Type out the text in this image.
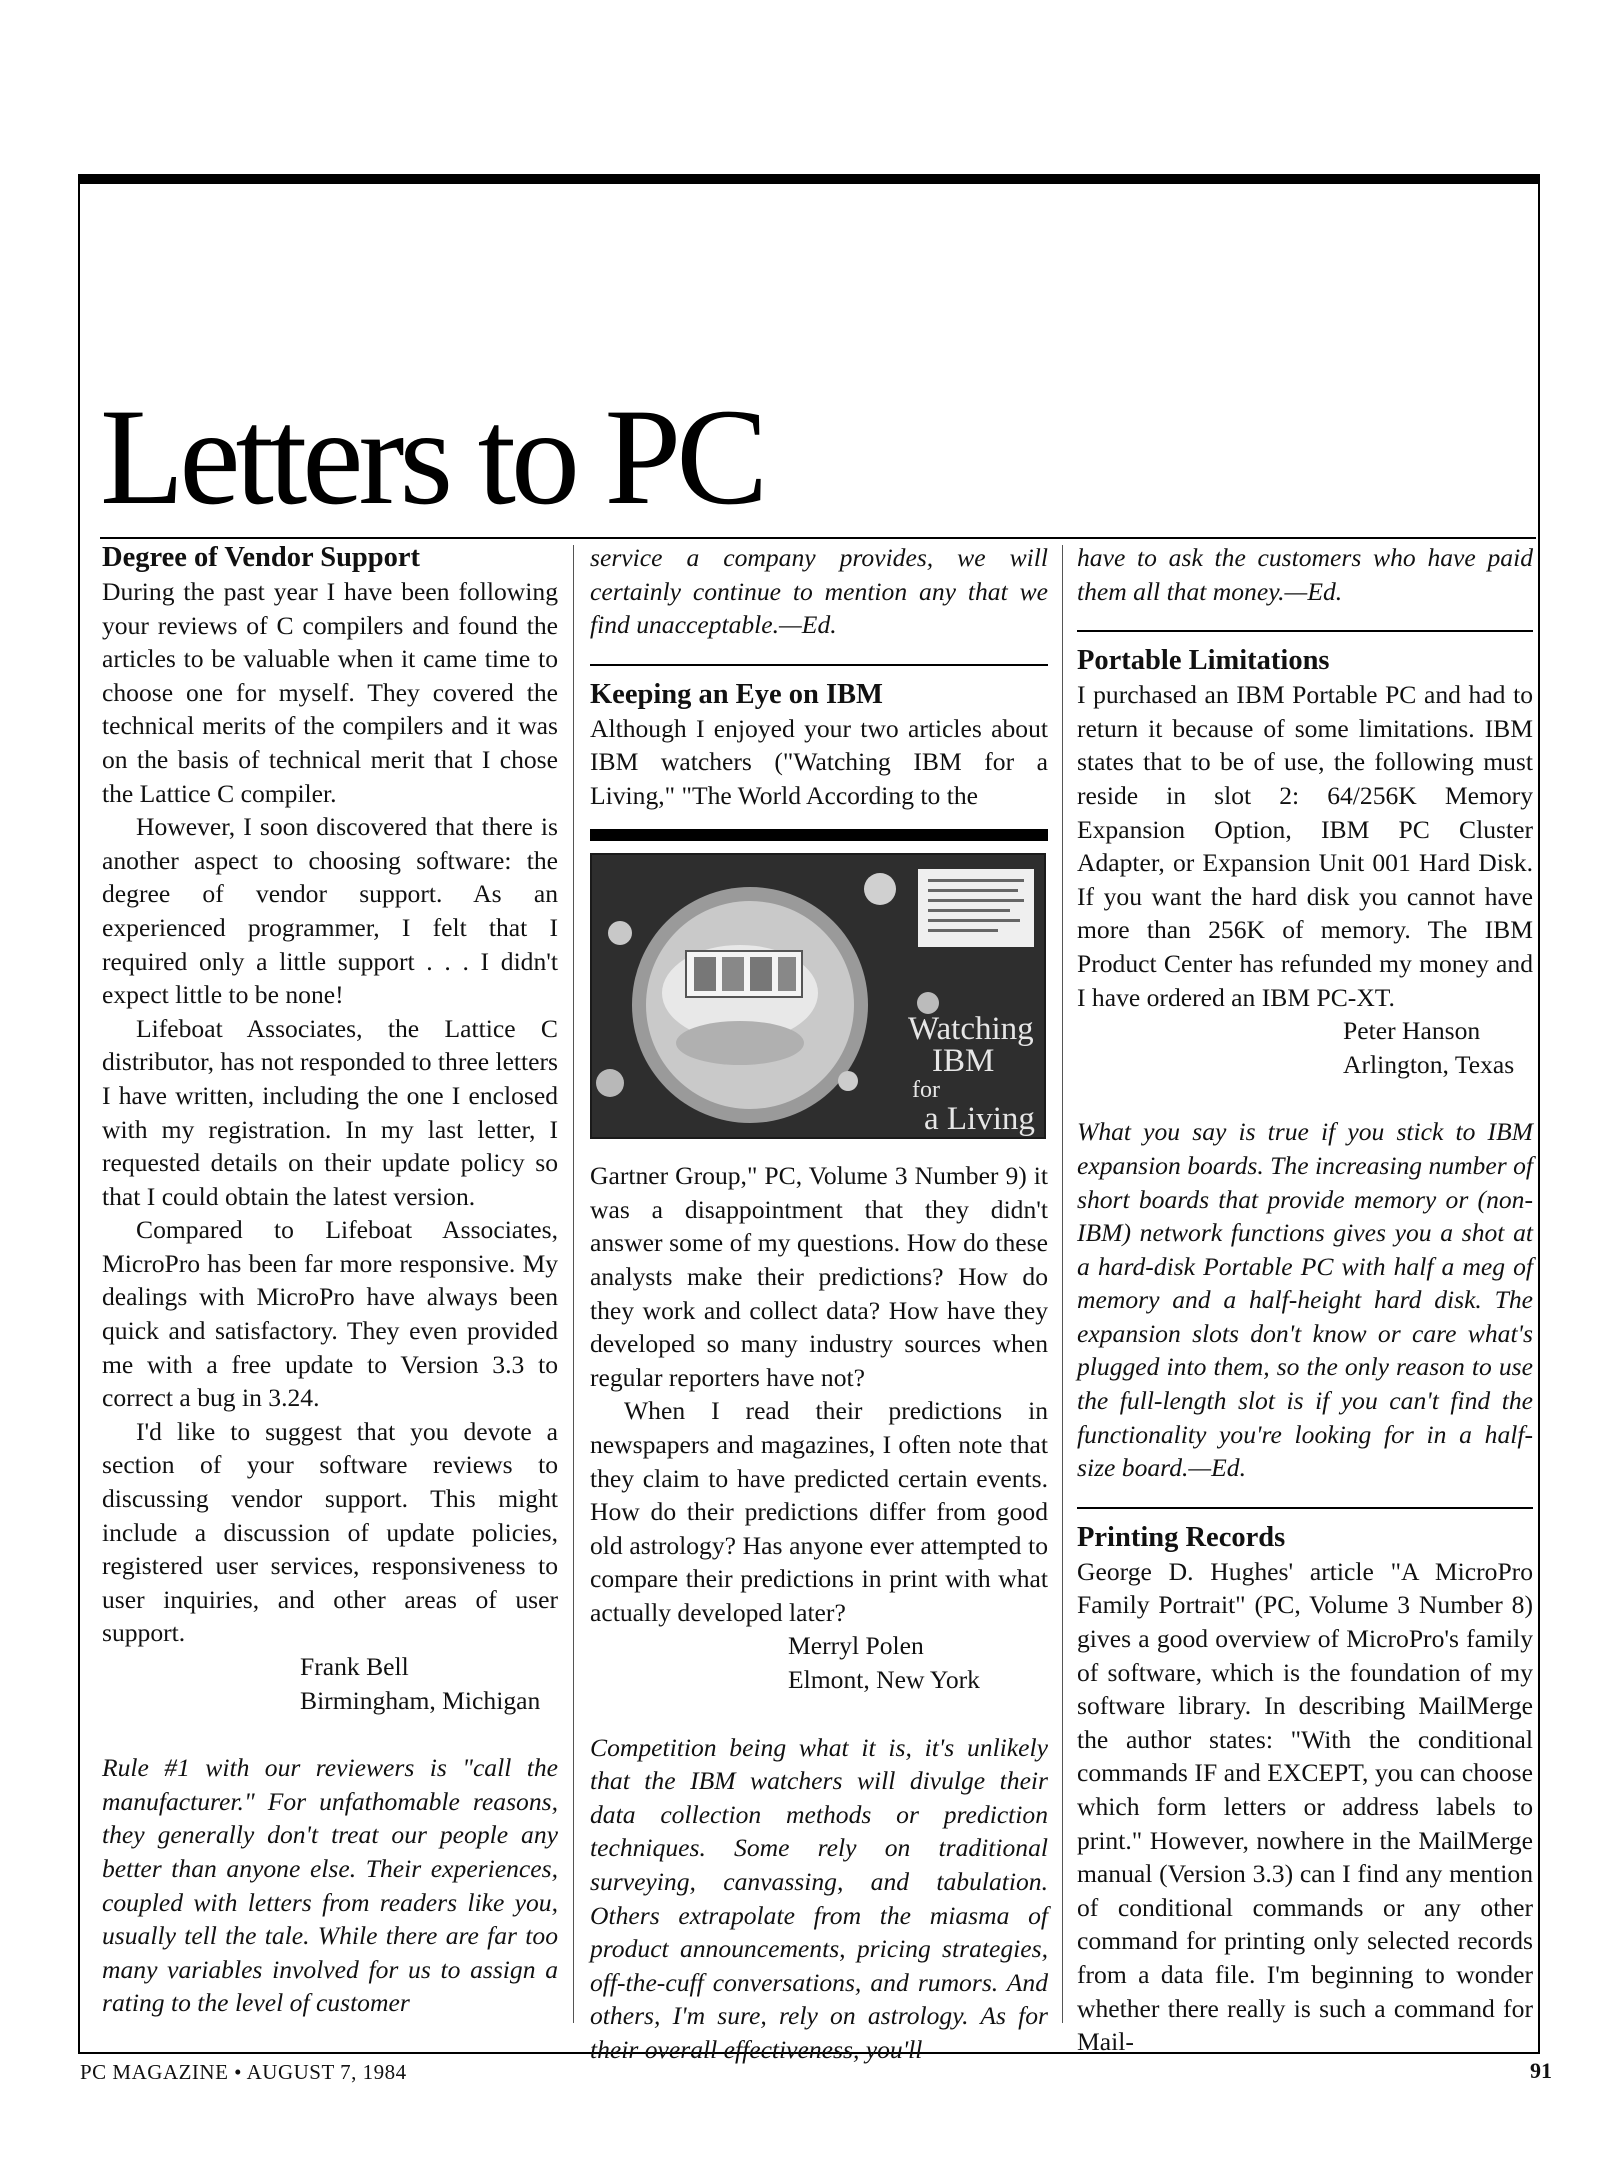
Letters to PC
Degree of Vendor Support

During the past year I have been following your reviews of C compilers and found the articles to be valuable when it came time to choose one for myself. They covered the technical merits of the compilers and it was on the basis of technical merit that I chose the Lattice C compiler.

However, I soon discovered that there is another aspect to choosing software: the degree of vendor support. As an experienced programmer, I felt that I required only a little support . . . I didn't expect little to be none!

Lifeboat Associates, the Lattice C distributor, has not responded to three letters I have written, including the one I enclosed with my registration. In my last letter, I requested details on their update policy so that I could obtain the latest version.

Compared to Lifeboat Associates, MicroPro has been far more responsive. My dealings with MicroPro have always been quick and satisfactory. They even provided me with a free update to Version 3.3 to correct a bug in 3.24.

I'd like to suggest that you devote a section of your software reviews to discussing vendor support. This might include a discussion of update policies, registered user services, responsiveness to user inquiries, and other areas of user support.

Frank Bell

Birmingham, Michigan

Rule #1 with our reviewers is "call the manufacturer." For unfathomable reasons, they generally don't treat our people any better than anyone else. Their experiences, coupled with letters from readers like you, usually tell the tale. While there are far too many variables involved for us to assign a rating to the level of customer

service a company provides, we will certainly continue to mention any that we find unacceptable.—Ed.

Keeping an Eye on IBM

Although I enjoyed your two articles about IBM watchers ("Watching IBM for a Living," "The World According to the

Watching
IBM
for
a Living

Gartner Group," PC, Volume 3 Number 9) it was a disappointment that they didn't answer some of my questions. How do these analysts make their predictions? How do they work and collect data? How have they developed so many industry sources when regular reporters have not?

When I read their predictions in newspapers and magazines, I often note that they claim to have predicted certain events. How do their predictions differ from good old astrology? Has anyone ever attempted to compare their predictions in print with what actually developed later?

Merryl Polen

Elmont, New York

Competition being what it is, it's unlikely that the IBM watchers will divulge their data collection methods or prediction techniques. Some rely on traditional surveying, canvassing, and tabulation. Others extrapolate from the miasma of product announcements, pricing strategies, off-the-cuff conversations, and rumors. And others, I'm sure, rely on astrology. As for their overall effectiveness, you'll

have to ask the customers who have paid them all that money.—Ed.

Portable Limitations

I purchased an IBM Portable PC and had to return it because of some limitations. IBM states that to be of use, the following must reside in slot 2: 64/256K Memory Expansion Option, IBM PC Cluster Adapter, or Expansion Unit 001 Hard Disk. If you want the hard disk you cannot have more than 256K of memory. The IBM Product Center has refunded my money and I have ordered an IBM PC-XT.

Peter Hanson

Arlington, Texas

What you say is true if you stick to IBM expansion boards. The increasing number of short boards that provide memory or (non-IBM) network functions gives you a shot at a hard-disk Portable PC with half a meg of memory and a half-height hard disk. The expansion slots don't know or care what's plugged into them, so the only reason to use the full-length slot is if you can't find the functionality you're looking for in a half-size board.—Ed.

Printing Records

George D. Hughes' article "A MicroPro Family Portrait" (PC, Volume 3 Number 8) gives a good overview of MicroPro's family of software, which is the foundation of my software library. In describing MailMerge the author states: "With the conditional commands IF and EXCEPT, you can choose which form letters or address labels to print." However, nowhere in the MailMerge manual (Version 3.3) can I find any mention of conditional commands or any other command for printing only selected records from a data file. I'm beginning to wonder whether there really is such a command for Mail-

PC MAGAZINE • AUGUST 7, 1984	91
